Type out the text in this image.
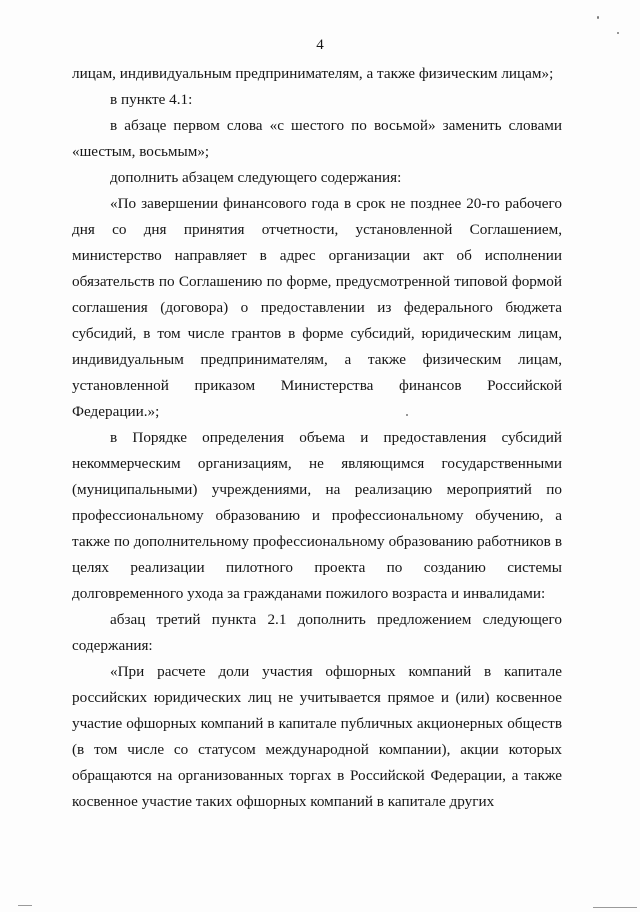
4

лицам, индивидуальным предпринимателям, а также физическим лицам»;

в пункте 4.1:

в абзаце первом слова «с шестого по восьмой» заменить словами «шестым, восьмым»;

дополнить абзацем следующего содержания:

«По завершении финансового года в срок не позднее 20-го рабочего дня со дня принятия отчетности, установленной Соглашением, министерство направляет в адрес организации акт об исполнении обязательств по Соглашению по форме, предусмотренной типовой формой соглашения (договора) о предоставлении из федерального бюджета субсидий, в том числе грантов в форме субсидий, юридическим лицам, индивидуальным предпринимателям, а также физическим лицам, установленной приказом Министерства финансов Российской Федерации.»;

в Порядке определения объема и предоставления субсидий некоммерческим организациям, не являющимся государственными (муниципальными) учреждениями, на реализацию мероприятий по профессиональному образованию и профессиональному обучению, а также по дополнительному профессиональному образованию работников в целях реализации пилотного проекта по созданию системы долговременного ухода за гражданами пожилого возраста и инвалидами:

абзац третий пункта 2.1 дополнить предложением следующего содержания:

«При расчете доли участия офшорных компаний в капитале российских юридических лиц не учитывается прямое и (или) косвенное участие офшорных компаний в капитале публичных акционерных обществ (в том числе со статусом международной компании), акции которых обращаются на организованных торгах в Российской Федерации, а также косвенное участие таких офшорных компаний в капитале других
